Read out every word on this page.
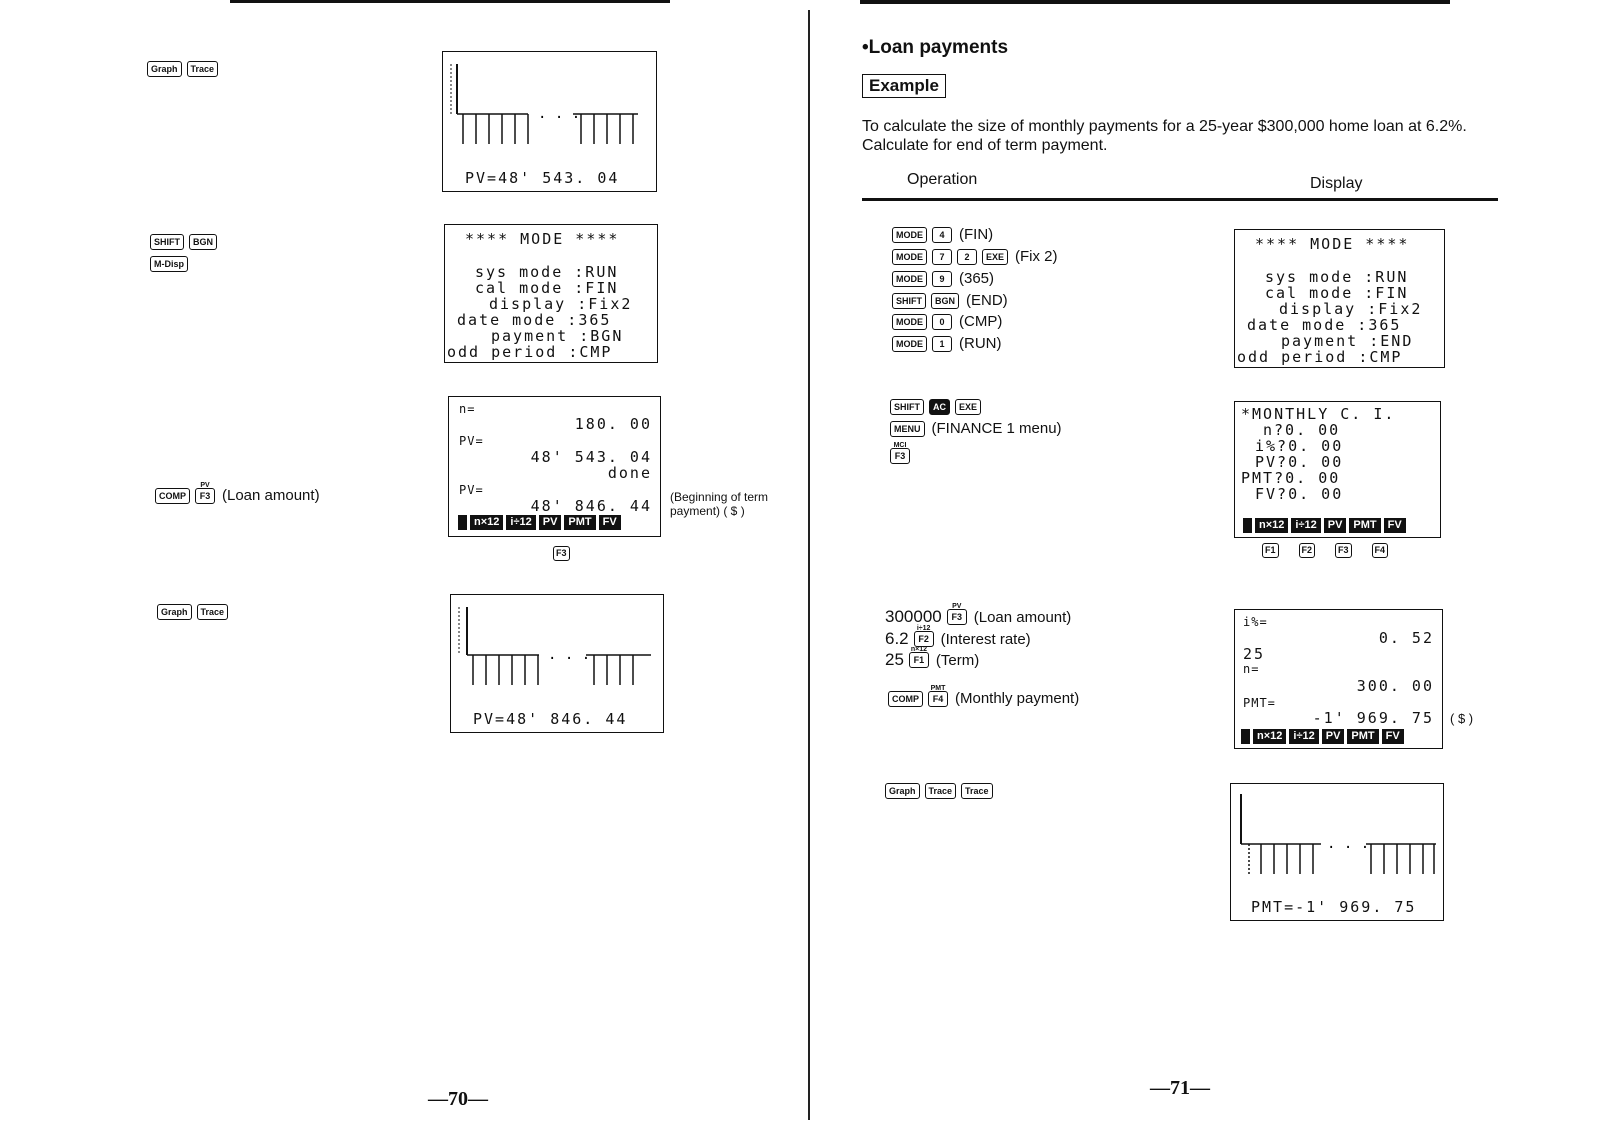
Graph	Trace
. . .
PV=48' 543. 04
SHIFT	BGN
M-Disp
**** MODE ****
sys mode :RUN
cal mode :FIN
display :Fix2
date mode :365
payment :BGN
odd period :CMP
COMP
PV
F3 (Loan amount)
n=
180. 00
PV=
48' 543. 04
done
PV=
48' 846. 44
n×12	i÷12	PV	PMT	FV
(Beginning of term payment) ( $ )
F3
Graph	Trace
. . .
PV=48' 846. 44
—70—
•Loan payments
Example
To calculate the size of monthly payments for a 25-year $300,000 home loan at 6.2%. Calculate for end of term payment.
Operation	Display
MODE	4 (FIN)
MODE	7	2	EXE (Fix 2)
MODE	9 (365)
SHIFT	BGN (END)
MODE	0 (CMP)
MODE	1 (RUN)
**** MODE ****
sys mode :RUN
cal mode :FIN
display :Fix2
date mode :365
payment :END
odd period :CMP
SHIFT	AC	EXE
MENU (FINANCE 1 menu)
MCI
F3
*MONTHLY C. I.
n?0. 00
i%?0. 00
PV?0. 00
PMT?0. 00
FV?0. 00
n×12	i÷12	PV	PMT	FV
F1	F2	F3	F4
300000
PV
F3 (Loan amount)
6.2
i÷12
F2 (Interest rate)
25
n×12
F1 (Term)
COMP
PMT
F4 (Monthly payment)
i%=
0. 52
25
n=
300. 00
PMT=
-1' 969. 75
n×12	i÷12	PV	PMT	FV
( $ )
Graph	Trace	Trace
. . .
PMT=-1' 969. 75
—71—
